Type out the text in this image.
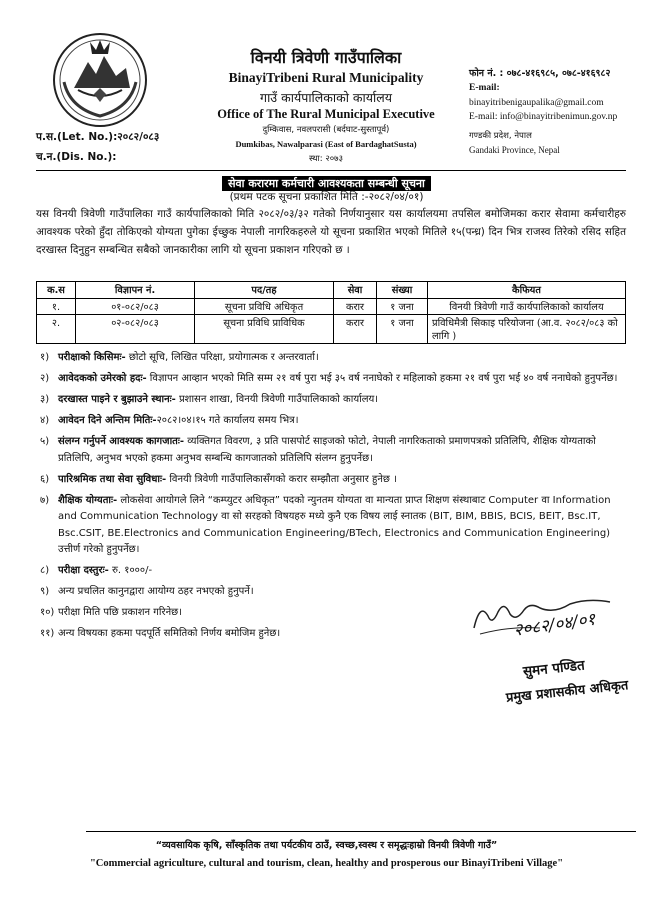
विनयी त्रिवेणी गाउँपालिका
BinayiTribeni Rural Municipality
गाउँ कार्यपालिकाको कार्यालय
Office of The Rural Municipal Executive
दुम्किवास, नवलपरासी (बर्दघाट-सुस्तापूर्व)
Dumkibas, Nawalparasi (East of BardaghatSusta)
स्था: २०७३
फोन नं. : ०७८-४१६९८५, ०७८-४१६९८२
E-mail:
binayitribenigaupalika@gmail.com
E-mail: info@binayitribenimun.gov.np
गण्डकी प्रदेश, नेपाल
Gandaki Province, Nepal
प.स.(Let. No.):२०८२/०८३
च.न.(Dis. No.):
सेवा करारमा कर्मचारी आवश्यकता सम्बन्धी सूचना
(प्रथम पटक सूचना प्रकाशित मिति :-२०८२/०४/०१)
यस विनयी त्रिवेणी गाउँपालिका गाउँ कार्यपालिकाको मिति २०८२/०३/३२ गतेको निर्णयानुसार यस कार्यालयमा तपसिल बमोजिमका करार सेवामा कर्मचारीहरु आवश्यक परेको हुँदा तोकिएको योग्यता पुगेका ईच्छुक नेपाली नागरिकहरुले यो सूचना प्रकाशित भएको मितिले १५(पन्ध्र) दिन भित्र राजस्व तिरेको रसिद सहित दरखास्त दिनुहुन सम्बन्धित सबैको जानकारीका लागि यो सूचना प्रकाशन गरिएको छ ।
क.स	विज्ञापन नं.	पद/तह	सेवा	संख्या	कैफियत
१.	०१-०८२/०८३	सूचना प्रविधि अधिकृत	करार	१ जना	विनयी त्रिवेणी गाउँ कार्यपालिकाको कार्यालय
२.	०२-०८२/०८३	सूचना प्रविधि प्राविधिक	करार	१ जना	प्रविधिमैत्री सिकाइ परियोजना (आ.व. २०८२/०८३ को लागि )
१) परीक्षाको किसिमः- छोटो सूचि, लिखित परिक्षा, प्रयोगात्मक र अन्तरवार्ता।
२) आवेदकको उमेरको हदः- विज्ञापन आव्हान भएको मिति सम्म २१ वर्ष पुरा भई ३५ वर्ष ननाघेको र महिलाको हकमा २१ वर्ष पुरा भई ४० वर्ष ननाघेको हुनुपर्नेछ।
३) दरखास्त पाइने र बुझाउने स्थानः- प्रशासन शाखा, विनयी त्रिवेणी गाउँपालिकाको कार्यालय।
४) आवेदन दिने अन्तिम मितिः-२०८२।०४।१५ गते कार्यालय समय भित्र।
५) संलग्न गर्नुपर्ने आवश्यक कागजातः- व्यक्तिगत विवरण, ३ प्रति पासपोर्ट साइजको फोटो, नेपाली नागरिकताको प्रमाणपत्रको प्रतिलिपि, शैक्षिक योग्यताको प्रतिलिपि, अनुभव भएको हकमा अनुभव सम्बन्धि कागजातको प्रतिलिपि संलग्न हुनुपर्नेछ।
६) पारिश्रमिक तथा सेवा सुविधाः- विनयी त्रिवेणी गाउँपालिकासँगको करार सम्झौता अनुसार हुनेछ ।
७) शैक्षिक योग्यताः- लोकसेवा आयोगले लिने “कम्प्युटर अधिकृत” पदको न्युनतम योग्यता वा मान्यता प्राप्त शिक्षण संस्थाबाट Computer वा Information and Communication Technology वा सो सरहको विषयहरु मध्ये कुनै एक विषय लाई स्नातक (BIT, BIM, BBIS, BCIS, BEIT, Bsc.IT, Bsc.CSIT, BE.Electronics and Communication Engineering/BTech, Electronics and Communication Engineering) उत्तीर्ण गरेको हुनुपर्नेछ।
८) परीक्षा दस्तुरः- रु. १०००/-
९) अन्य प्रचलित कानुनद्वारा आयोग्य ठहर नभएको हुनुपर्ने।
१०) परीक्षा मिति पछि प्रकाशन गरिनेछ।
११) अन्य विषयका हकमा पदपूर्ति समितिको निर्णय बमोजिम हुनेछ।	२०८२/०४/०१
सुमन पण्डित
प्रमुख प्रशासकीय अधिकृत
“व्यवसायिक कृषि, साँस्कृतिक तथा पर्यटकीय ठाउँ, स्वच्छ,स्वस्थ र समृद्धःहाम्रो विनयी त्रिवेणी गाउँ”
"Commercial agriculture, cultural and tourism, clean, healthy and prosperous our BinayiTribeni Village"
